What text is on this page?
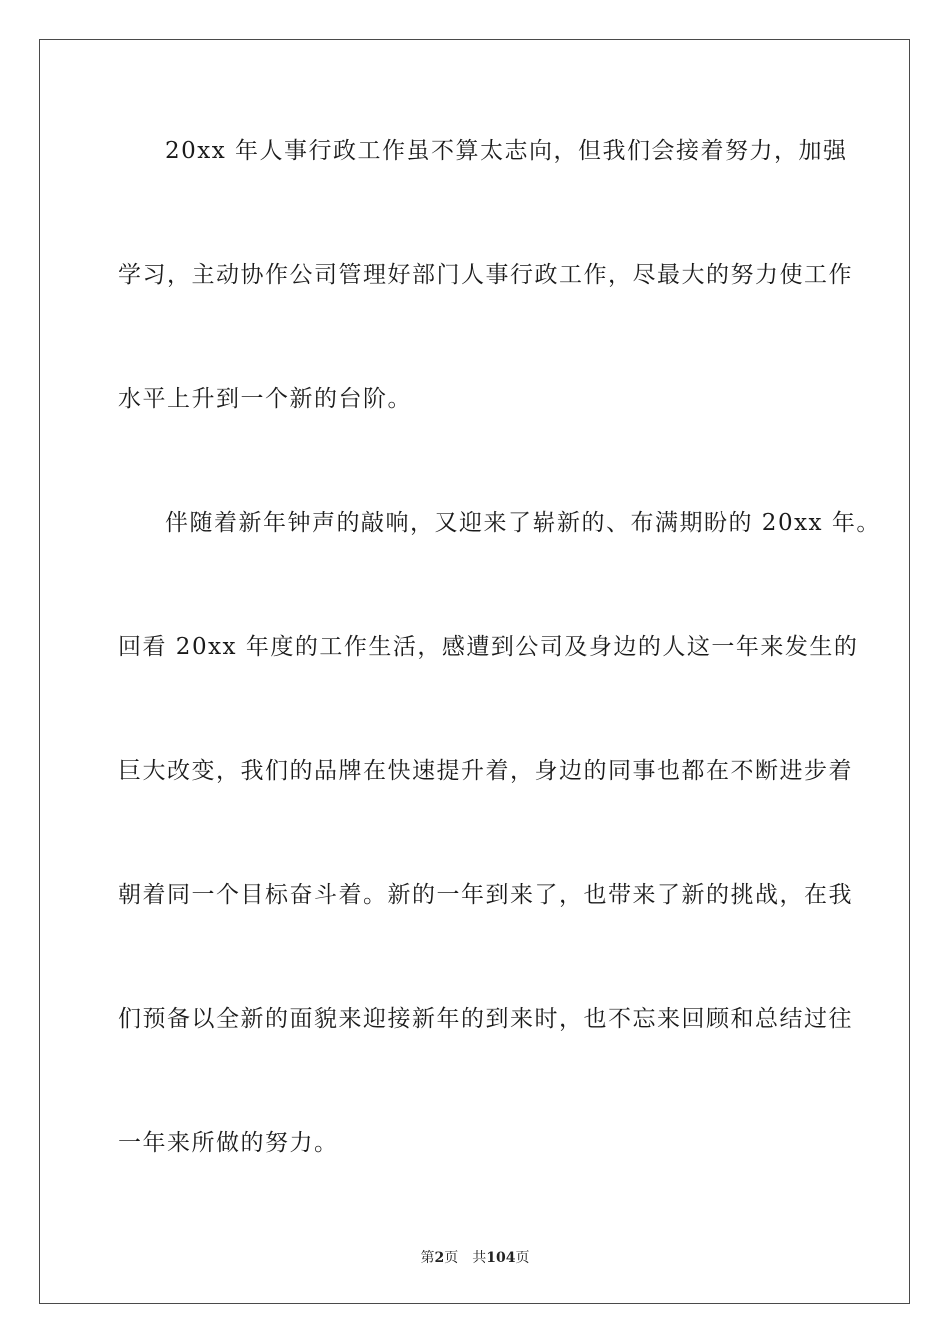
20xx 年人事行政工作虽不算太志向，但我们会接着努力，加强
学习，主动协作公司管理好部门人事行政工作，尽最大的努力使工作
水平上升到一个新的台阶。
伴随着新年钟声的敲响，又迎来了崭新的、布满期盼的 20xx 年。
回看 20xx 年度的工作生活，感遭到公司及身边的人这一年来发生的
巨大改变，我们的品牌在快速提升着，身边的同事也都在不断进步着
朝着同一个目标奋斗着。新的一年到来了，也带来了新的挑战，在我
们预备以全新的面貌来迎接新年的到来时，也不忘来回顾和总结过往
一年来所做的努力。
第2页 共104页
